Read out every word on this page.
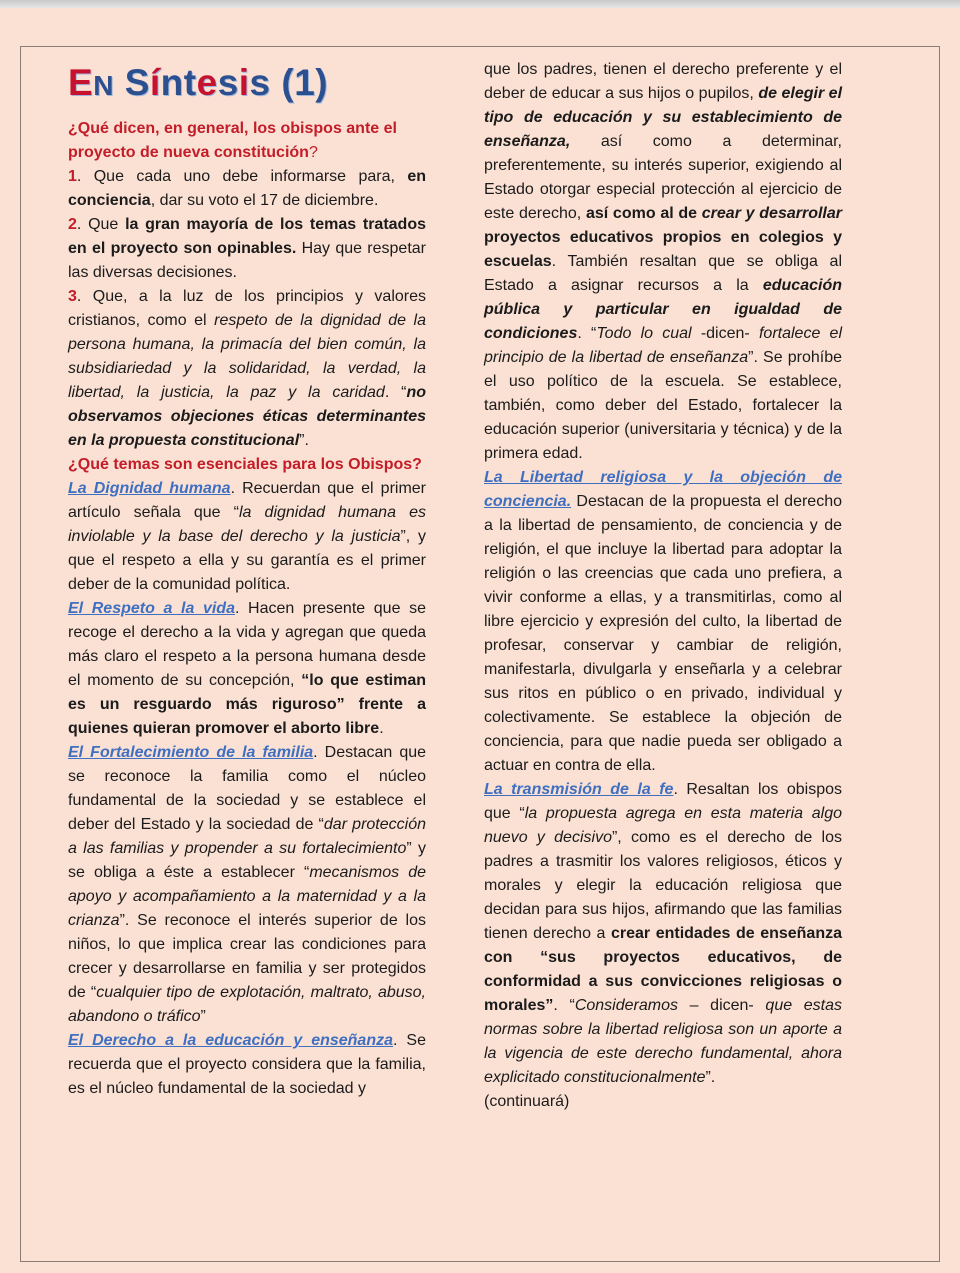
EN Síntesis (1)

¿Qué dicen, en general, los obispos ante el proyecto de nueva constitución?

1. Que cada uno debe informarse para, en conciencia, dar su voto el 17 de diciembre.

2. Que la gran mayoría de los temas tratados en el proyecto son opinables. Hay que respetar las diversas decisiones.

3. Que, a la luz de los principios y valores cristianos, como el respeto de la dignidad de la persona humana, la primacía del bien común, la subsidiariedad y la solidaridad, la verdad, la libertad, la justicia, la paz y la caridad. “no observamos objeciones éticas determinantes en la propuesta constitucional”.

¿Qué temas son esenciales para los Obispos?

La Dignidad humana. Recuerdan que el primer artículo señala que “la dignidad humana es inviolable y la base del derecho y la justicia”, y que el respeto a ella y su garantía es el primer deber de la comunidad política.

El Respeto a la vida. Hacen presente que se recoge el derecho a la vida y agregan que queda más claro el respeto a la persona humana desde el momento de su concepción, “lo que estiman es un resguardo más riguroso” frente a quienes quieran promover el aborto libre.

El Fortalecimiento de la familia. Destacan que se reconoce la familia como el núcleo fundamental de la sociedad y se establece el deber del Estado y la sociedad de “dar protección a las familias y propender a su fortalecimiento” y se obliga a éste a establecer “mecanismos de apoyo y acompañamiento a la maternidad y a la crianza”. Se reconoce el interés superior de los niños, lo que implica crear las condiciones para crecer y desarrollarse en familia y ser protegidos de “cualquier tipo de explotación, maltrato, abuso, abandono o tráfico”

El Derecho a la educación y enseñanza. Se recuerda que el proyecto considera que la familia, es el núcleo fundamental de la sociedad y

que los padres, tienen el derecho preferente y el deber de educar a sus hijos o pupilos, de elegir el tipo de educación y su establecimiento de enseñanza, así como a determinar, preferentemente, su interés superior, exigiendo al Estado otorgar especial protección al ejercicio de este derecho, así como al de crear y desarrollar proyectos educativos propios en colegios y escuelas. También resaltan que se obliga al Estado a asignar recursos a la educación pública y particular en igualdad de condiciones. “Todo lo cual -dicen- fortalece el principio de la libertad de enseñanza”. Se prohíbe el uso político de la escuela. Se establece, también, como deber del Estado, fortalecer la educación superior (universitaria y técnica) y de la primera edad.

La Libertad religiosa y la objeción de conciencia. Destacan de la propuesta el derecho a la libertad de pensamiento, de conciencia y de religión, el que incluye la libertad para adoptar la religión o las creencias que cada uno prefiera, a vivir conforme a ellas, y a transmitirlas, como al libre ejercicio y expresión del culto, la libertad de profesar, conservar y cambiar de religión, manifestarla, divulgarla y enseñarla y a celebrar sus ritos en público o en privado, individual y colectivamente. Se establece la objeción de conciencia, para que nadie pueda ser obligado a actuar en contra de ella.

La transmisión de la fe. Resaltan los obispos que “la propuesta agrega en esta materia algo nuevo y decisivo”, como es el derecho de los padres a trasmitir los valores religiosos, éticos y morales y elegir la educación religiosa que decidan para sus hijos, afirmando que las familias tienen derecho a crear entidades de enseñanza con “sus proyectos educativos, de conformidad a sus convicciones religiosas o morales”. “Consideramos – dicen- que estas normas sobre la libertad religiosa son un aporte a la vigencia de este derecho fundamental, ahora explicitado constitucionalmente”.

(continuará)
